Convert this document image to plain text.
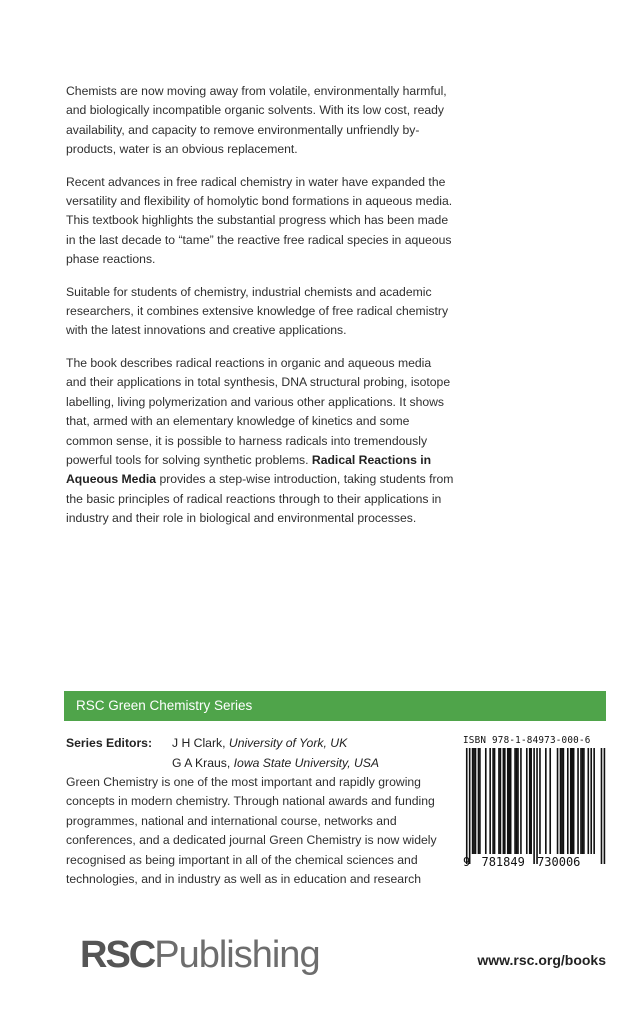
Chemists are now moving away from volatile, environmentally harmful, and biologically incompatible organic solvents. With its low cost, ready availability, and capacity to remove environmentally unfriendly by-products, water is an obvious replacement.

Recent advances in free radical chemistry in water have expanded the versatility and flexibility of homolytic bond formations in aqueous media. This textbook highlights the substantial progress which has been made in the last decade to “tame” the reactive free radical species in aqueous phase reactions.

Suitable for students of chemistry, industrial chemists and academic researchers, it combines extensive knowledge of free radical chemistry with the latest innovations and creative applications.

The book describes radical reactions in organic and aqueous media and their applications in total synthesis, DNA structural probing, isotope labelling, living polymerization and various other applications. It shows that, armed with an elementary knowledge of kinetics and some common sense, it is possible to harness radicals into tremendously powerful tools for solving synthetic problems. Radical Reactions in Aqueous Media provides a step-wise introduction, taking students from the basic principles of radical reactions through to their applications in industry and their role in biological and environmental processes.

RSC Green Chemistry Series
Series Editors: J H Clark, University of York, UK
G A Kraus, Iowa State University, USA

Green Chemistry is one of the most important and rapidly growing concepts in modern chemistry. Through national awards and funding programmes, national and international course, networks and conferences, and a dedicated journal Green Chemistry is now widely recognised as being important in all of the chemical sciences and technologies, and in industry as well as in education and research

ISBN 978-1-84973-000-6
9 781849 730006
RSCPublishing	www.rsc.org/books
